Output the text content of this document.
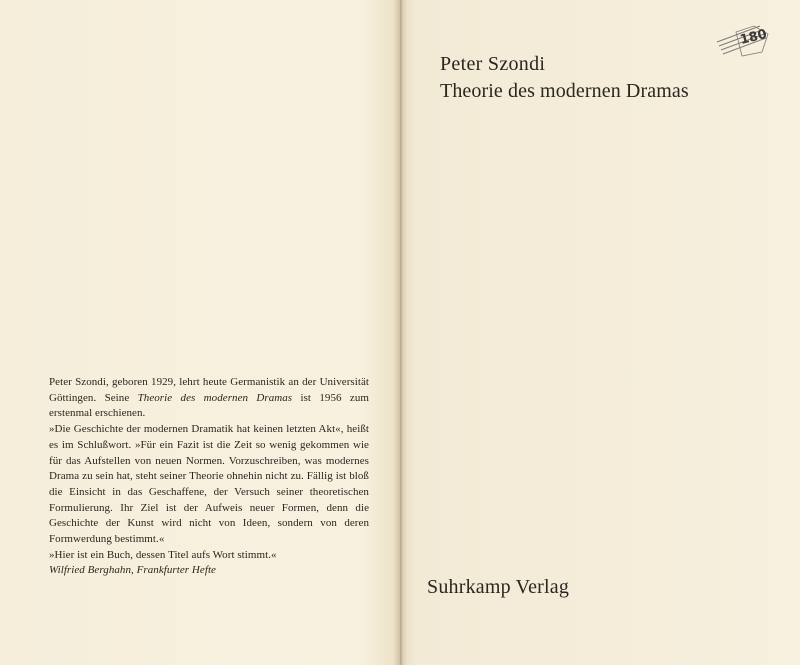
Peter Szondi, geboren 1929, lehrt heute Germanistik an der Universität Göttingen. Seine Theorie des modernen Dramas ist 1956 zum erstenmal erschienen.

»Die Geschichte der modernen Dramatik hat keinen letzten Akt«, heißt es im Schlußwort. »Für ein Fazit ist die Zeit so wenig gekommen wie für das Aufstellen von neuen Normen. Vorzuschreiben, was modernes Drama zu sein hat, steht seiner Theorie ohnehin nicht zu. Fällig ist bloß die Einsicht in das Geschaffene, der Versuch seiner theoretischen Formulierung. Ihr Ziel ist der Aufweis neuer Formen, denn die Geschichte der Kunst wird nicht von Ideen, sondern von deren Formwerdung bestimmt.«

»Hier ist ein Buch, dessen Titel aufs Wort stimmt.«

Wilfried Berghahn, Frankfurter Hefte

Peter Szondi
Theorie des modernen Dramas
Suhrkamp Verlag
180
